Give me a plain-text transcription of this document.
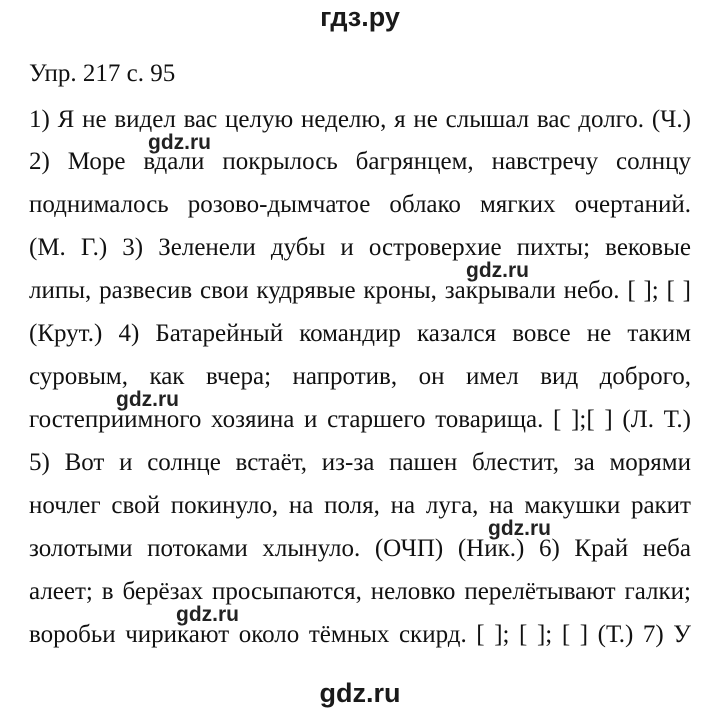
гдз.ру
Упр. 217 с. 95
1) Я не видел вас целую неделю, я не слышал вас долго. (Ч.)
2) Море вдали покрылось багрянцем, навстречу солнцу
поднималось розово-дымчатое облако мягких очертаний.
(М. Г.) 3) Зеленели дубы и островерхие пихты; вековые
липы, развесив свои кудрявые кроны, закрывали небо. [ ]; [ ]
(Крут.) 4) Батарейный командир казался вовсе не таким
суровым, как вчера; напротив, он имел вид доброго,
гостеприимного хозяина и старшего товарища. [ ];[ ] (Л. Т.)
5) Вот и солнце встаёт, из-за пашен блестит, за морями
ночлег свой покинуло, на поля, на луга, на макушки ракит
золотыми потоками хлынуло. (ОЧП) (Ник.) 6) Край неба
алеет; в берёзах просыпаются, неловко перелётывают галки;
воробьи чирикают около тёмных скирд. [ ]; [ ]; [ ] (Т.) 7) У
gdz.ru
gdz.ru
gdz.ru
gdz.ru
gdz.ru
gdz.ru
